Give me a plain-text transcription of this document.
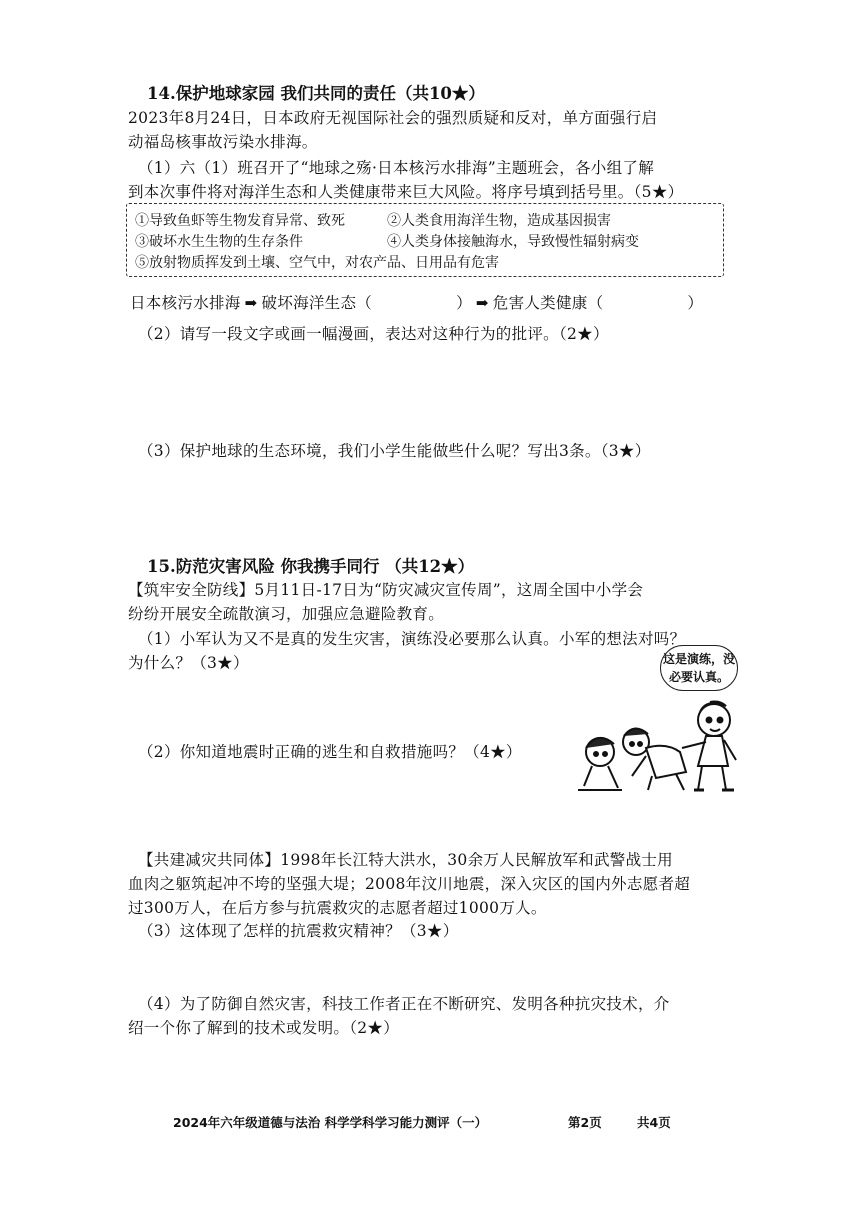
14.保护地球家园 我们共同的责任（共10★）
2023年8月24日，日本政府无视国际社会的强烈质疑和反对，单方面强行启
动福岛核事故污染水排海。
（1）六（1）班召开了“地球之殇·日本核污水排海”主题班会，各小组了解
到本次事件将对海洋生态和人类健康带来巨大风险。将序号填到括号里。（5★）
①导致鱼虾等生物发育异常、致死	②人类食用海洋生物，造成基因损害
③破坏水生生物的生存条件	④人类身体接触海水，导致慢性辐射病变
⑤放射物质挥发到土壤、空气中，对农产品、日用品有危害
日本核污水排海 ➡ 破坏海洋生态（	） ➡ 危害人类健康（	）
（2）请写一段文字或画一幅漫画，表达对这种行为的批评。（2★）
（3）保护地球的生态环境，我们小学生能做些什么呢？写出3条。（3★）
15.防范灾害风险 你我携手同行 （共12★）
【筑牢安全防线】5月11日-17日为“防灾减灾宣传周”，这周全国中小学会
纷纷开展安全疏散演习，加强应急避险教育。
（1）小军认为又不是真的发生灾害，演练没必要那么认真。小军的想法对吗？
为什么？（3★）	这是演练，没
必要认真。
（2）你知道地震时正确的逃生和自救措施吗？（4★）
【共建减灾共同体】1998年长江特大洪水，30余万人民解放军和武警战士用
血肉之躯筑起冲不垮的坚强大堤；2008年汶川地震，深入灾区的国内外志愿者超
过300万人，在后方参与抗震救灾的志愿者超过1000万人。
（3）这体现了怎样的抗震救灾精神？（3★）
（4）为了防御自然灾害，科技工作者正在不断研究、发明各种抗灾技术，介
绍一个你了解到的技术或发明。（2★）
2024年六年级道德与法治 科学学科学习能力测评（一）	第2页	共4页
